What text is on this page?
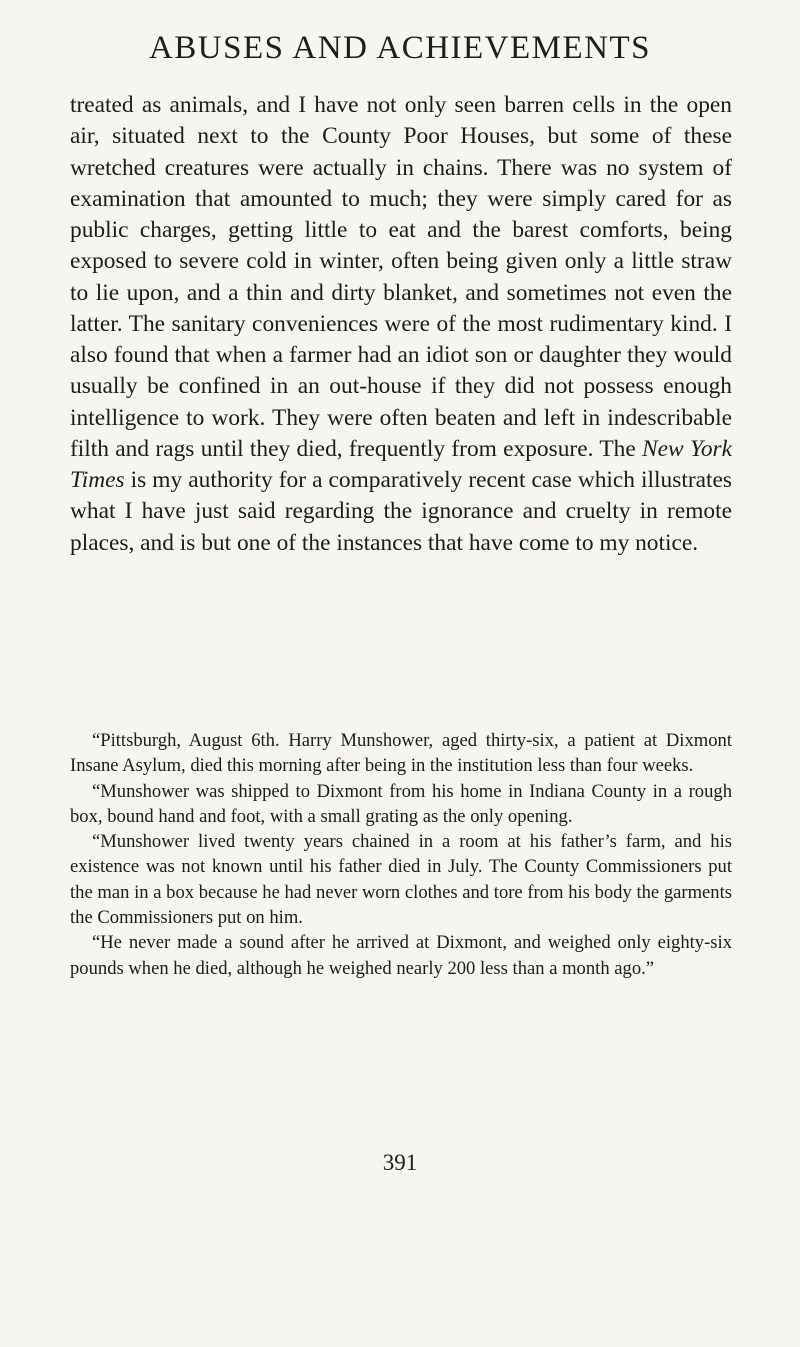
ABUSES AND ACHIEVEMENTS

treated as animals, and I have not only seen barren cells in the open air, situated next to the County Poor Houses, but some of these wretched creatures were actually in chains. There was no system of examination that amounted to much; they were simply cared for as public charges, getting little to eat and the barest comforts, being exposed to severe cold in winter, often being given only a little straw to lie upon, and a thin and dirty blanket, and sometimes not even the latter. The sanitary conveniences were of the most rudimentary kind. I also found that when a farmer had an idiot son or daughter they would usually be confined in an out-house if they did not possess enough intelligence to work. They were often beaten and left in indescribable filth and rags until they died, frequently from exposure. The New York Times is my authority for a comparatively recent case which illustrates what I have just said regarding the ignorance and cruelty in remote places, and is but one of the instances that have come to my notice.

“Pittsburgh, August 6th. Harry Munshower, aged thirty-six, a patient at Dixmont Insane Asylum, died this morning after being in the institution less than four weeks.

“Munshower was shipped to Dixmont from his home in Indiana County in a rough box, bound hand and foot, with a small grating as the only opening.

“Munshower lived twenty years chained in a room at his father’s farm, and his existence was not known until his father died in July. The County Commissioners put the man in a box because he had never worn clothes and tore from his body the garments the Commissioners put on him.

“He never made a sound after he arrived at Dixmont, and weighed only eighty-six pounds when he died, although he weighed nearly 200 less than a month ago.”

391
